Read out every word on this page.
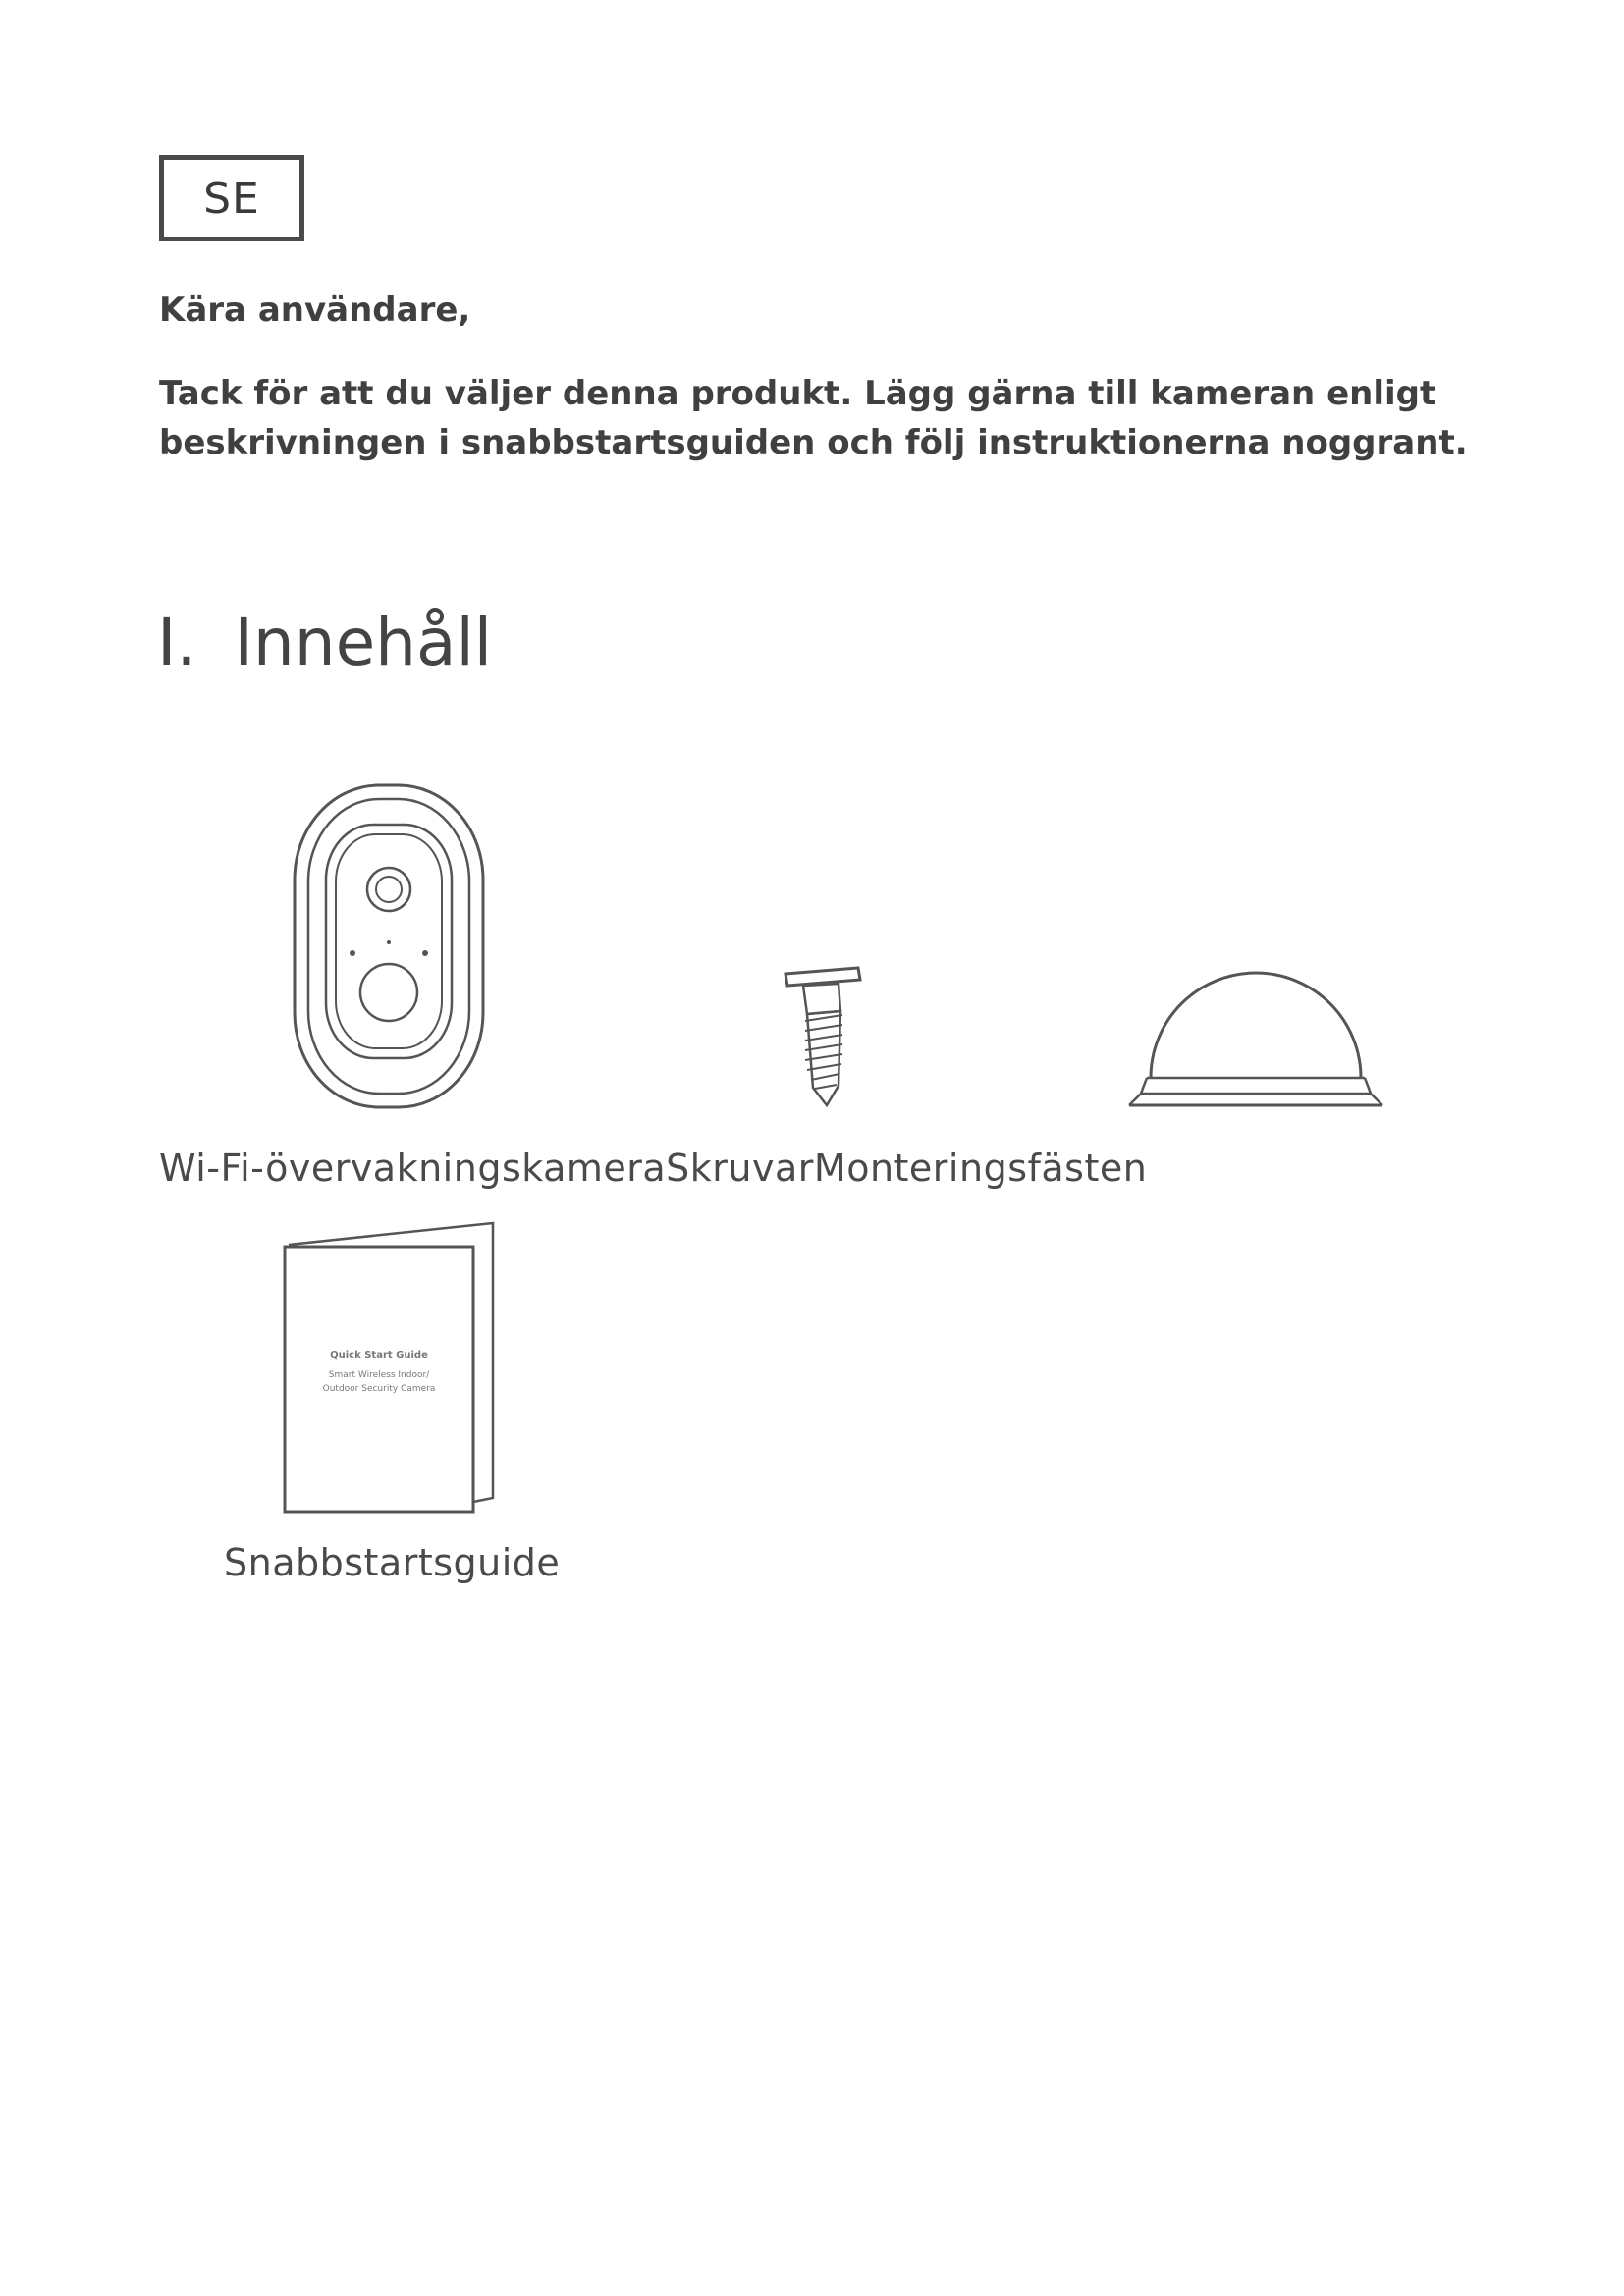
SE

Kära användare,

Tack för att du väljer denna produkt. Lägg gärna till kameran enligt
beskrivningen i snabbstartsguiden och följ instruktionerna noggrant.

I. Innehåll
Wi-Fi-övervakningskameraSkruvarMonteringsfästen
Quick Start Guide
Smart Wireless Indoor/
Outdoor Security Camera
Snabbstartsguide
